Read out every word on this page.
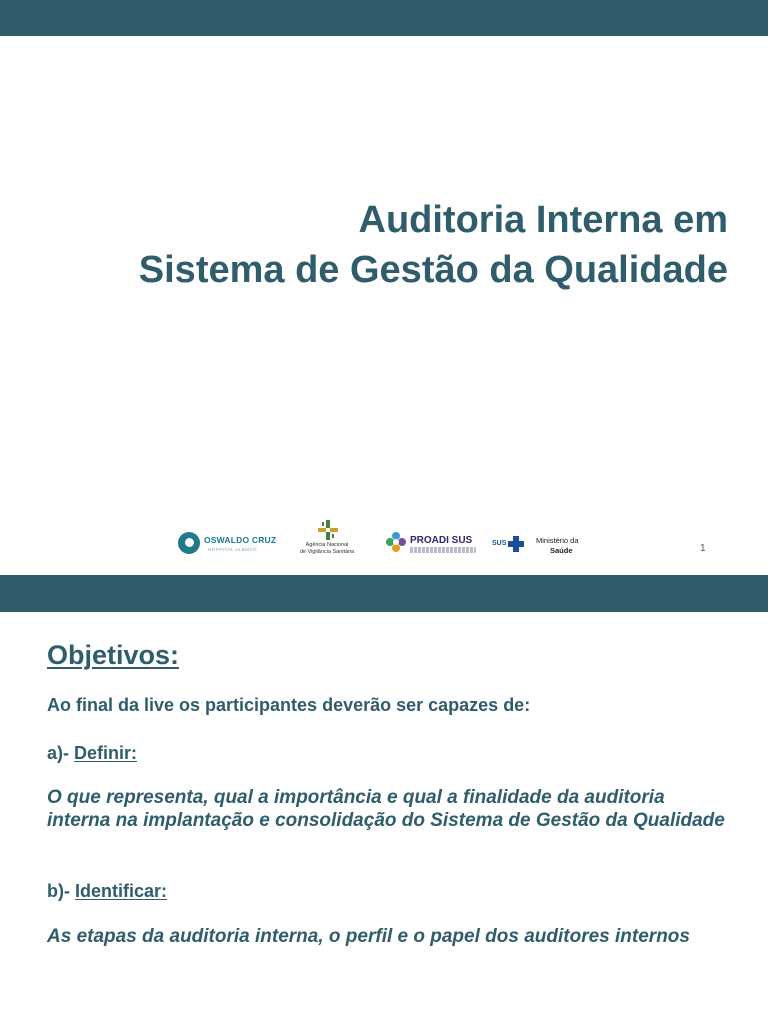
Auditoria Interna em
Sistema de Gestão da Qualidade
OSWALDO CRUZ
HOSPITAL ALEMÃO
Agência Nacional
de Vigilância Sanitária
PROADI SUS	SUS	Ministério da
Saúde	1
Objetivos:
Ao final da live os participantes deverão ser capazes de:
a)- Definir:
O que representa, qual a importância e qual a finalidade da auditoria interna na implantação e consolidação do Sistema de Gestão da Qualidade
b)- Identificar:
As etapas da auditoria interna, o perfil e o papel dos auditores internos
